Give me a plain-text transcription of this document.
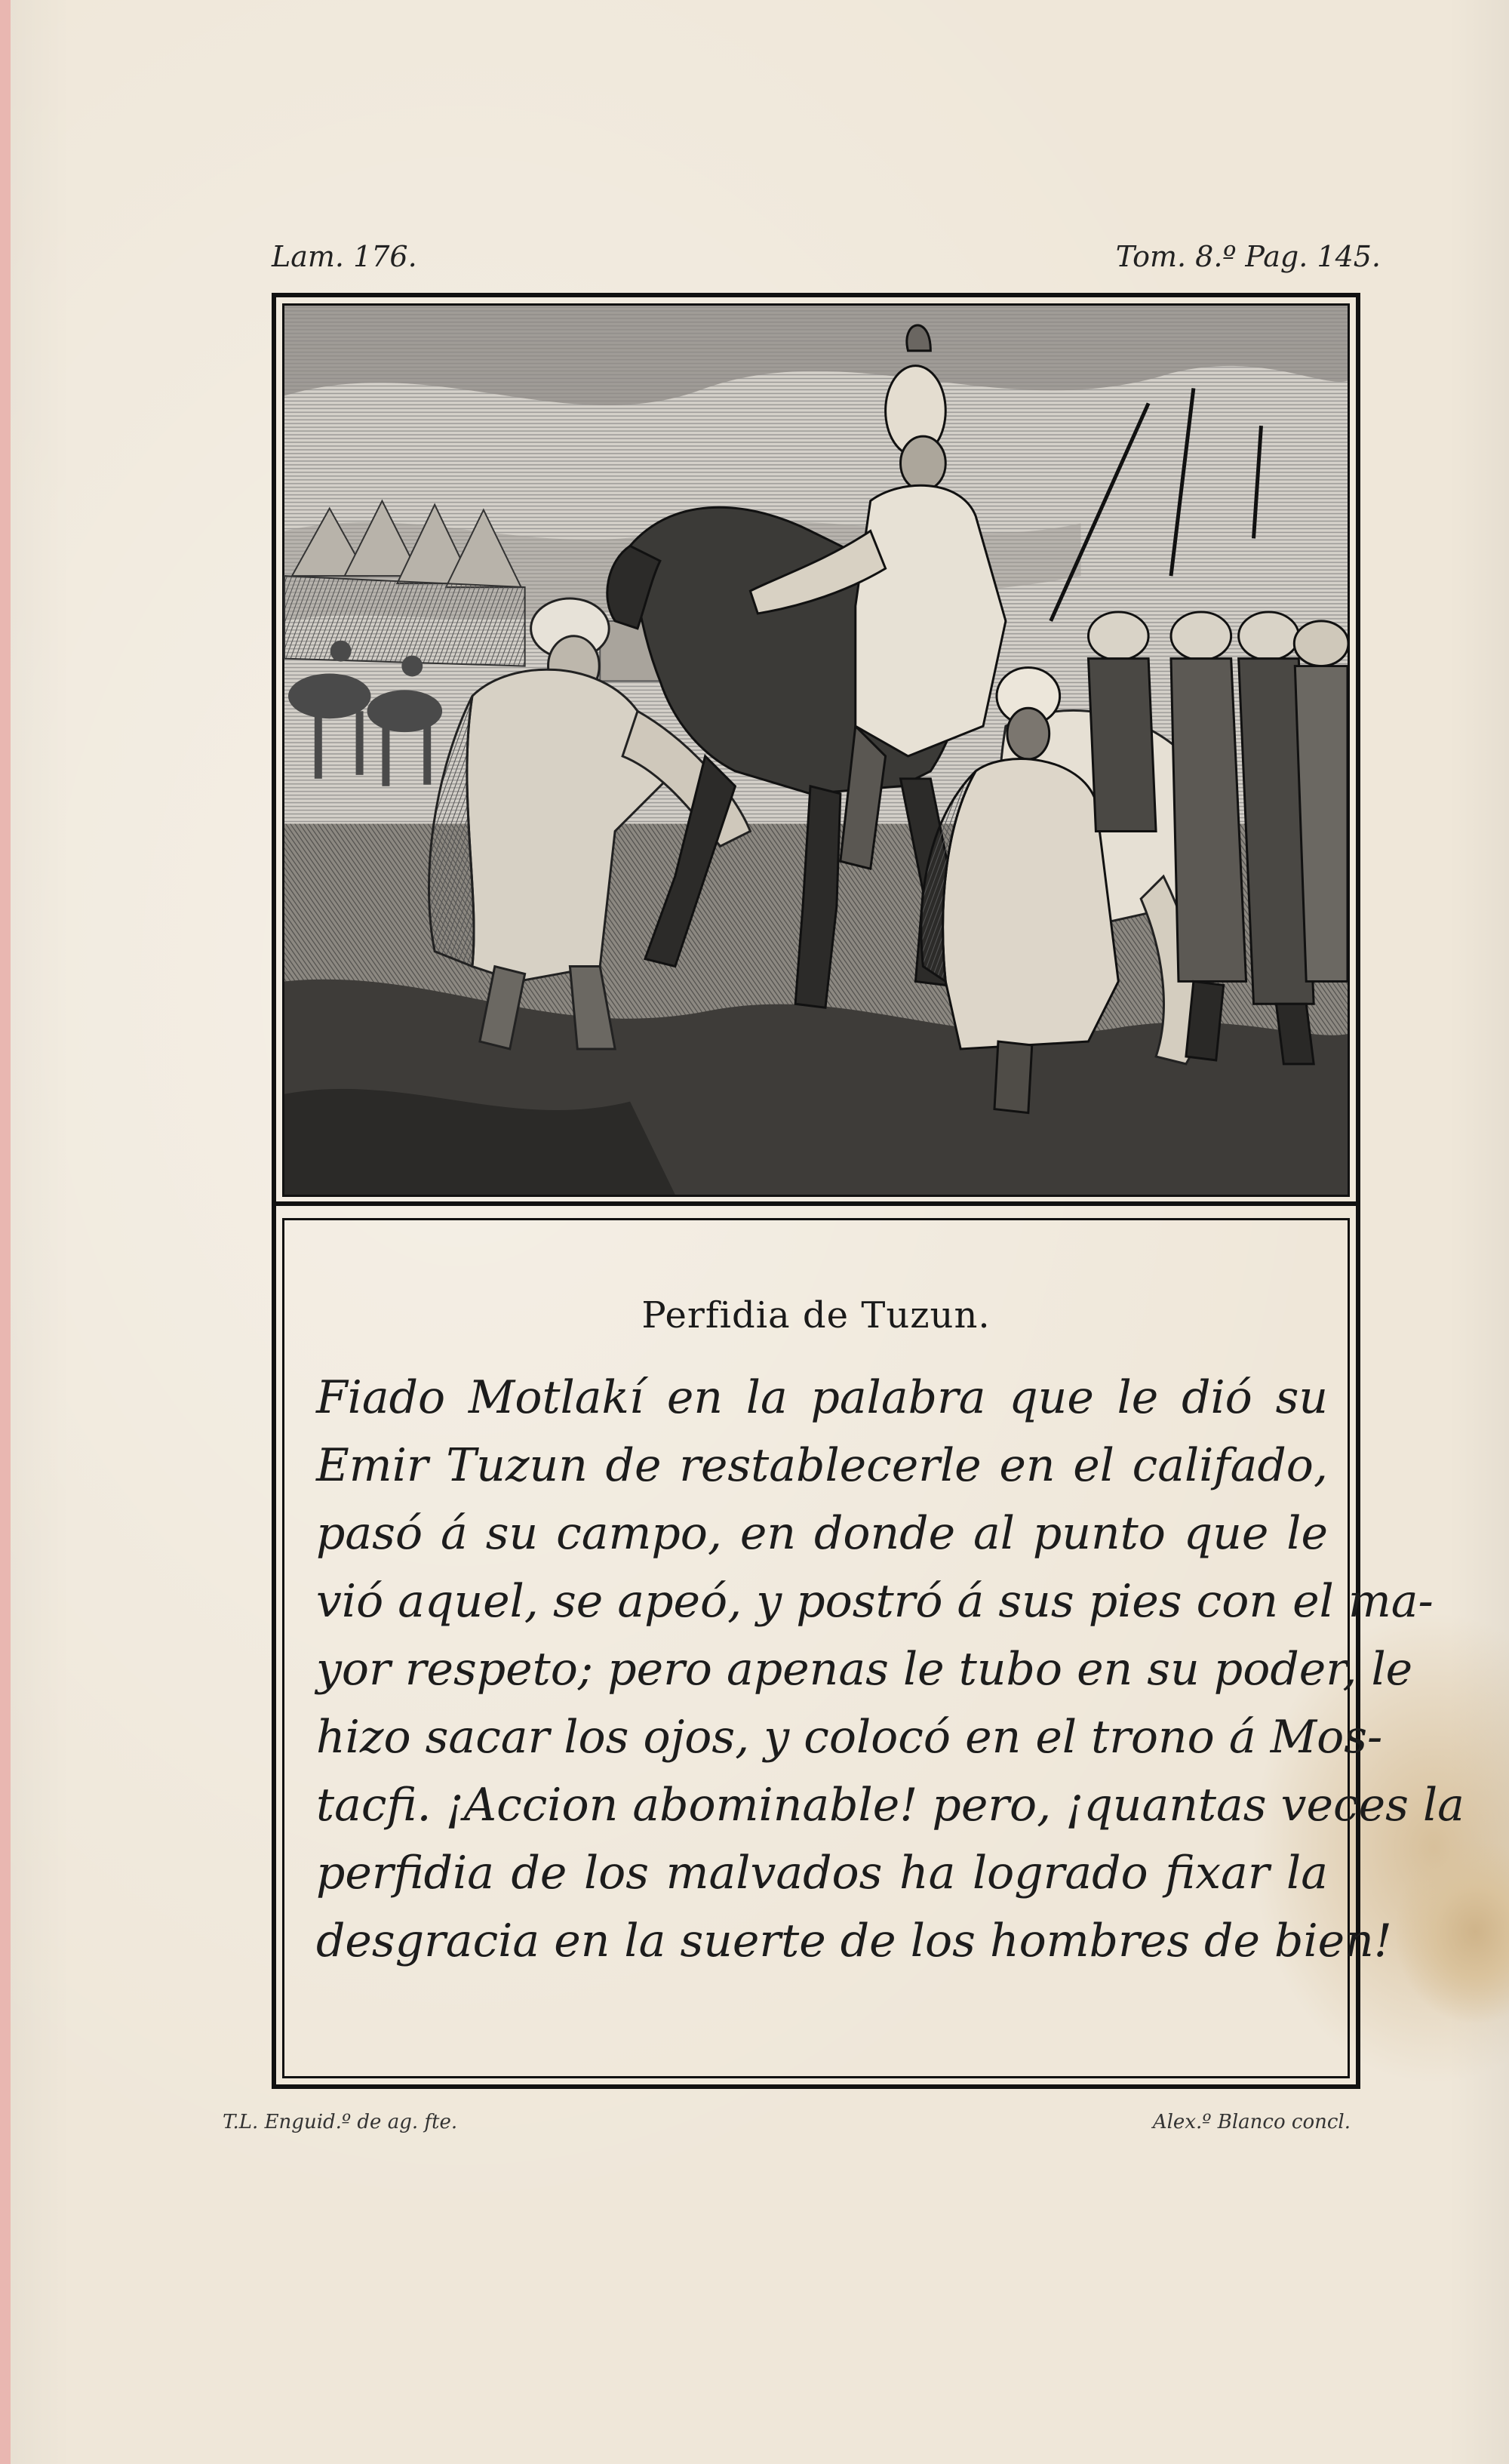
Lam. 176.	Tom. 8.º Pag. 145.
Perfidia de Tuzun.
Fiado Motlakí en la palabra que le dió su
Emir Tuzun de restablecerle en el califado,
pasó á su campo, en donde al punto que le
vió aquel, se apeó, y postró á sus pies con el ma-
yor respeto; pero apenas le tubo en su poder, le
hizo sacar los ojos, y colocó en el trono á Mos-
tacfi. ¡Accion abominable! pero, ¡quantas veces la
perfidia de los malvados ha logrado fixar la
desgracia en la suerte de los hombres de bien!
T.L. Enguid.º de ag. fte.	Alex.º Blanco concl.
